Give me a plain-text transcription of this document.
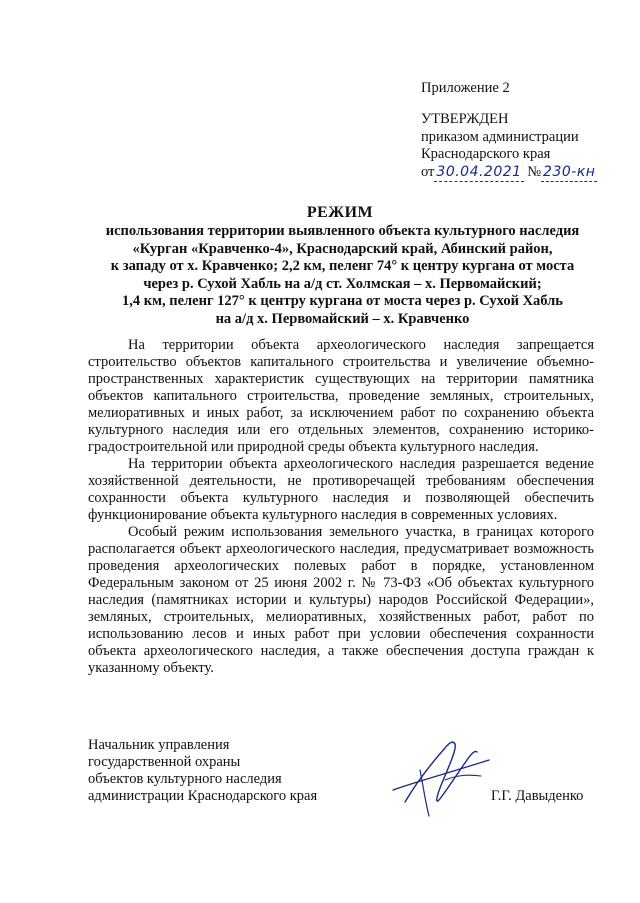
Приложение 2
УТВЕРЖДЕН
приказом администрации
Краснодарского края
от 30.04.2021 № 230-кн
РЕЖИМ
использования территории выявленного объекта культурного наследия
«Курган «Кравченко-4», Краснодарский край, Абинский район,
к западу от х. Кравченко; 2,2 км, пеленг 74° к центру кургана от моста
через р. Сухой Хабль на а/д ст. Холмская – х. Первомайский;
1,4 км, пеленг 127° к центру кургана от моста через р. Сухой Хабль
на а/д х. Первомайский – х. Кравченко

На территории объекта археологического наследия запрещается строительство объектов капитального строительства и увеличение объемно-пространственных характеристик существующих на территории памятника объектов капитального строительства, проведение земляных, строительных, мелиоративных и иных работ, за исключением работ по сохранению объекта культурного наследия или его отдельных элементов, сохранению историко-градостроительной или природной среды объекта культурного наследия.

На территории объекта археологического наследия разрешается ведение хозяйственной деятельности, не противоречащей требованиям обеспечения сохранности объекта культурного наследия и позволяющей обеспечить функционирование объекта культурного наследия в современных условиях.

Особый режим использования земельного участка, в границах которого располагается объект археологического наследия, предусматривает возможность проведения археологических полевых работ в порядке, установленном Федеральным законом от 25 июня 2002 г. № 73-ФЗ «Об объектах культурного наследия (памятниках истории и культуры) народов Российской Федерации», земляных, строительных, мелиоративных, хозяйственных работ, работ по использованию лесов и иных работ при условии обеспечения сохранности объекта археологического наследия, а также обеспечения доступа граждан к указанному объекту.

Начальник управления
государственной охраны
объектов культурного наследия
администрации Краснодарского края	Г.Г. Давыденко
